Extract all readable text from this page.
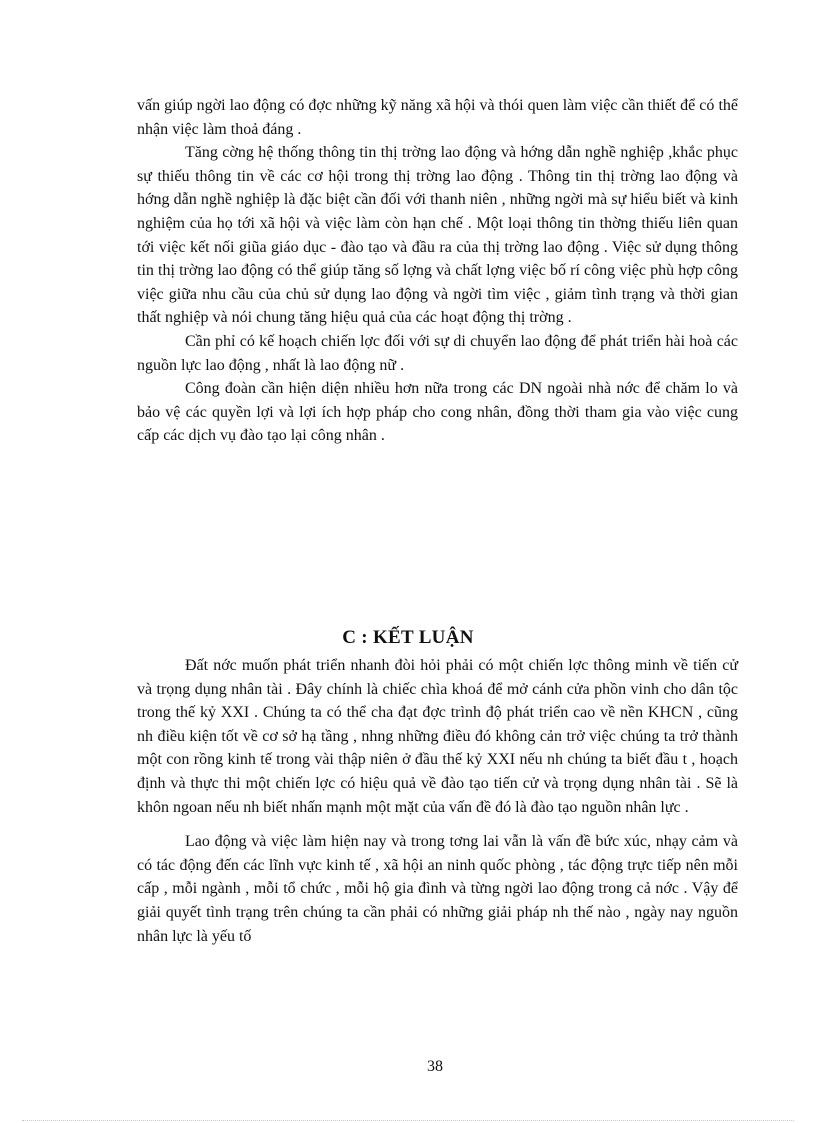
vấn giúp ngời lao động có đợc những kỹ năng xã hội và thói quen làm việc cần thiết để có thể nhận việc làm thoả đáng .

Tăng cờng hệ thống thông tin thị trờng lao động và hớng dẫn nghề nghiệp ,khắc phục sự thiếu thông tin về các cơ hội trong thị trờng lao động . Thông tin thị trờng lao động và hớng dẫn nghề nghiệp là đặc biệt cần đối với thanh niên , những ngời mà sự hiểu biết và kinh nghiệm của họ tới xã hội và việc làm còn hạn chế . Một loại thông tin thờng thiếu liên quan tới việc kết nối giũa giáo dục - đào tạo và đầu ra của thị trờng lao động . Việc sử dụng thông tin thị trờng lao động có thể giúp tăng số lợng và chất lợng việc bố rí công việc phù hợp công việc giữa nhu cầu của chủ sử dụng lao động và ngời tìm việc , giảm tình trạng và thời gian thất nghiệp và nói chung tăng hiệu quả của các hoạt động thị trờng .

Cần phỉ có kế hoạch chiến lợc đối với sự di chuyển lao động để phát triển hài hoà các nguồn lực lao động , nhất là lao động nữ .

Công đoàn cần hiện diện nhiều hơn nữa trong các DN ngoài nhà nớc để chăm lo và bảo vệ các quyền lợi và lợi ích hợp pháp cho cong nhân, đồng thời tham gia vào việc cung cấp các dịch vụ đào tạo lại công nhân .

C : KẾT LUẬN

Đất nớc muốn phát triển nhanh đòi hỏi phải có một chiến lợc thông minh về tiến cử và trọng dụng nhân tài . Đây chính là chiếc chìa khoá để mở cánh cửa phồn vinh cho dân tộc trong thế kỷ XXI . Chúng ta có thể cha đạt đợc trình độ phát triển cao về nền KHCN , cũng nh điều kiện tốt về cơ sở hạ tầng , nhng những điều đó không cản trở việc chúng ta trở thành một con rồng kinh tế trong vài thập niên ở đầu thế kỷ XXI nếu nh chúng ta biết đầu t , hoạch định và thực thi một chiến lợc có hiệu quả về đào tạo tiến cử và trọng dụng nhân tài . Sẽ là khôn ngoan nếu nh biết nhấn mạnh một mặt của vấn đề đó là đào tạo nguồn nhân lực .

Lao động và việc làm hiện nay và trong tơng lai vẫn là vấn đề bức xúc, nhạy cảm và có tác động đến các lĩnh vực kinh tế , xã hội an ninh quốc phòng , tác động trực tiếp nên mỗi cấp , mỗi ngành , mỗi tổ chức , mỗi hộ gia đình và từng ngời lao động trong cả nớc . Vậy để giải quyết tình trạng trên chúng ta cần phải có những giải pháp nh thế nào , ngày nay nguồn nhân lực là yếu tố

38
